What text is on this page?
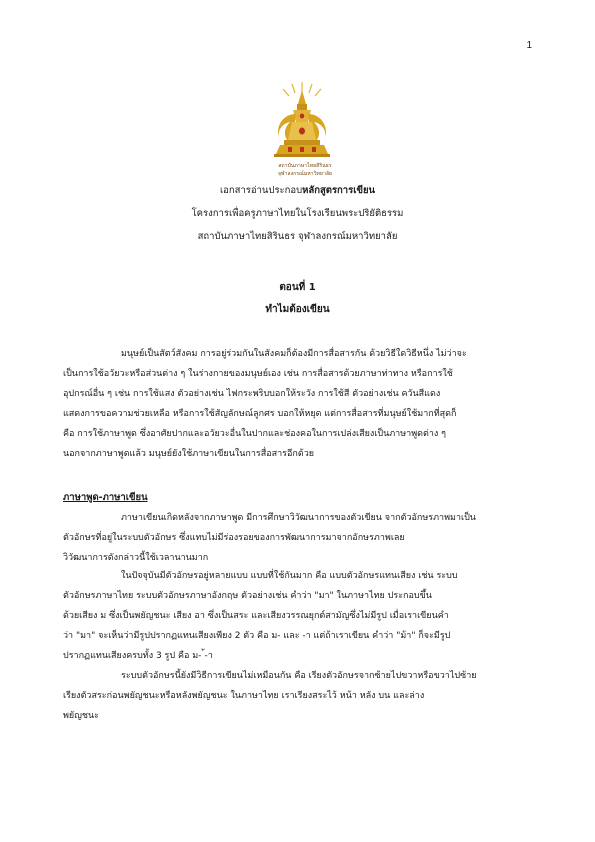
1
สถาบันภาษาไทยสิรินธร
จุฬาลงกรณ์มหาวิทยาลัย
เอกสารอ่านประกอบหลักสูตรการเขียน
โครงการเพื่อครูภาษาไทยในโรงเรียนพระปริยัติธรรม
สถาบันภาษาไทยสิรินธร จุฬาลงกรณ์มหาวิทยาลัย
ตอนที่ 1
ทำไมต้องเขียน

มนุษย์เป็นสัตว์สังคม การอยู่ร่วมกันในสังคมก็ต้องมีการสื่อสารกัน ด้วยวิธีใดวิธีหนึ่ง ไม่ว่าจะ

เป็นการใช้อวัยวะหรือส่วนต่าง ๆ ในร่างกายของมนุษย์เอง เช่น การสื่อสารด้วยภาษาท่าทาง หรือการใช้

อุปกรณ์อื่น ๆ เช่น การใช้แสง ตัวอย่างเช่น ไฟกระพริบบอกให้ระวัง การใช้สี ตัวอย่างเช่น ควันสีแดง

แสดงการขอความช่วยเหลือ หรือการใช้สัญลักษณ์ลูกศร บอกให้หยุด แต่การสื่อสารที่มนุษย์ใช้มากที่สุดก็

คือ การใช้ภาษาพูด ซึ่งอาศัยปากและอวัยวะอื่นในปากและช่องคอในการเปล่งเสียงเป็นภาษาพูดต่าง ๆ

นอกจากภาษาพูดแล้ว มนุษย์ยังใช้ภาษาเขียนในการสื่อสารอีกด้วย

ภาษาพูด-ภาษาเขียน

ภาษาเขียนเกิดหลังจากภาษาพูด มีการศึกษาวิวัฒนาการของตัวเขียน จากตัวอักษรภาพมาเป็น

ตัวอักษรที่อยู่ในระบบตัวอักษร ซึ่งแทบไม่มีร่องรอยของการพัฒนาการมาจากอักษรภาพเลย

วิวัฒนาการดังกล่าวนี้ใช้เวลานานมาก

ในปัจจุบันมีตัวอักษรอยู่หลายแบบ แบบที่ใช้กันมาก คือ แบบตัวอักษรแทนเสียง เช่น ระบบ

ตัวอักษรภาษาไทย ระบบตัวอักษรภาษาอังกฤษ ตัวอย่างเช่น คำว่า "มา" ในภาษาไทย ประกอบขึ้น

ด้วยเสียง ม ซึ่งเป็นพยัญชนะ เสียง อา ซึ่งเป็นสระ และเสียงวรรณยุกต์สามัญซึ่งไม่มีรูป เมื่อเราเขียนคำ

ว่า "มา" จะเห็นว่ามีรูปปรากฏแทนเสียงเพียง 2 ตัว คือ ม- และ -า แต่ถ้าเราเขียน คำว่า "ม้า" ก็จะมีรูป

ปรากฏแทนเสียงครบทั้ง 3 รูป คือ ม- ้-า

ระบบตัวอักษรนี้ยังมีวิธีการเขียนไม่เหมือนกัน คือ เรียงตัวอักษรจากซ้ายไปขวาหรือขวาไปซ้าย

เรียงตัวสระก่อนพยัญชนะหรือหลังพยัญชนะ ในภาษาไทย เราเรียงสระไว้ หน้า หลัง บน และล่าง

พยัญชนะ
